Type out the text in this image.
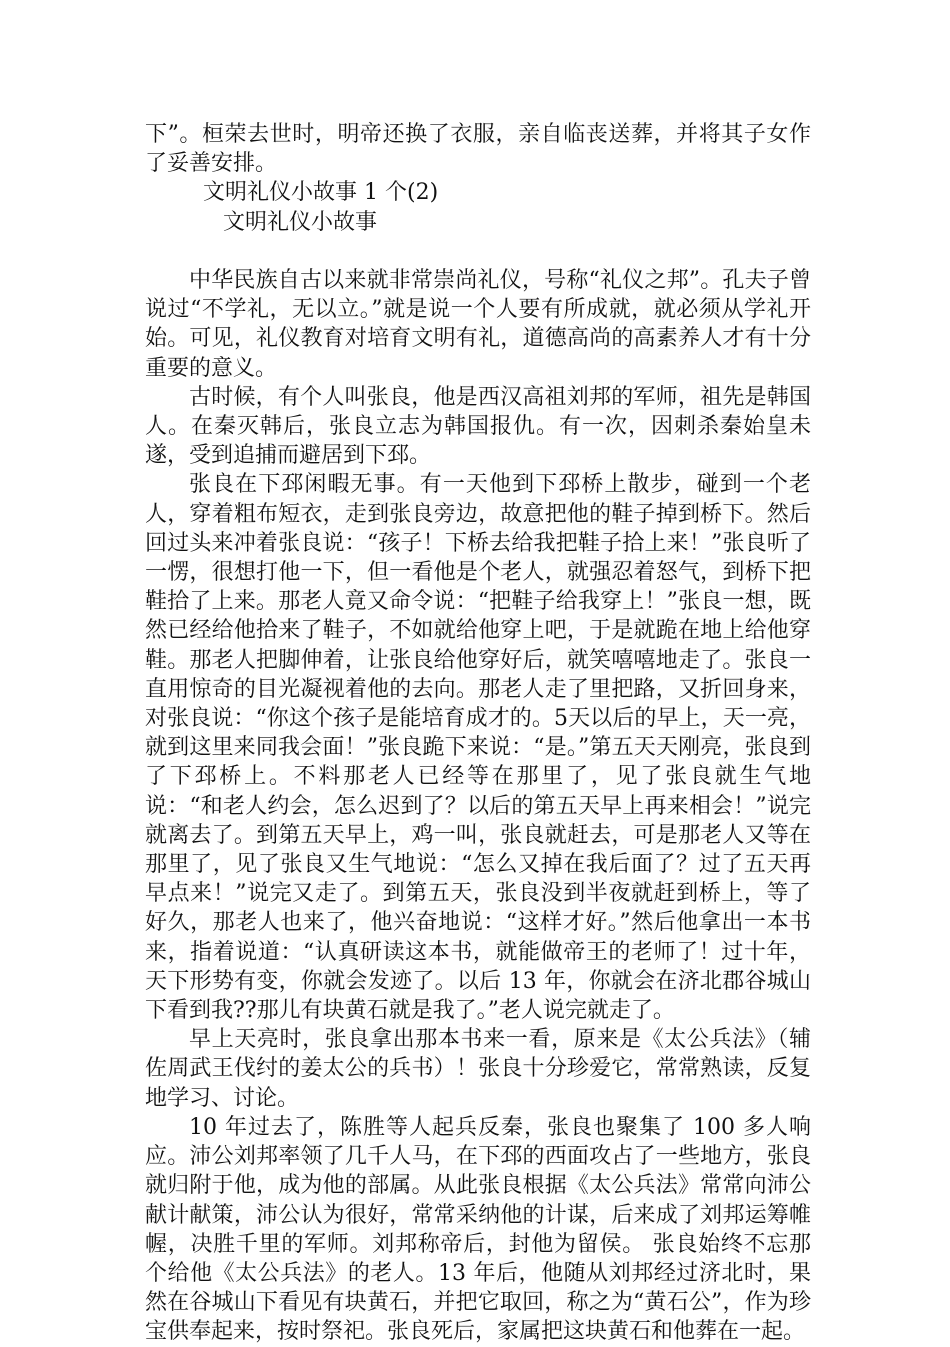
下”。桓荣去世时，明帝还换了衣服，亲自临丧送葬，并将其子女作了妥善安排。

文明礼仪小故事 1 个(2)

文明礼仪小故事

中华民族自古以来就非常崇尚礼仪，号称“礼仪之邦”。孔夫子曾说过“不学礼，无以立。”就是说一个人要有所成就，就必须从学礼开始。可见，礼仪教育对培育文明有礼，道德高尚的高素养人才有十分重要的意义。

古时候，有个人叫张良，他是西汉高祖刘邦的军师，祖先是韩国人。在秦灭韩后，张良立志为韩国报仇。有一次，因刺杀秦始皇未遂，受到追捕而避居到下邳。

张良在下邳闲暇无事。有一天他到下邳桥上散步，碰到一个老人，穿着粗布短衣，走到张良旁边，故意把他的鞋子掉到桥下。然后回过头来冲着张良说：“孩子！下桥去给我把鞋子拾上来！”张良听了一愣，很想打他一下，但一看他是个老人，就强忍着怒气，到桥下把鞋拾了上来。那老人竟又命令说：“把鞋子给我穿上！”张良一想，既然已经给他拾来了鞋子，不如就给他穿上吧，于是就跪在地上给他穿鞋。那老人把脚伸着，让张良给他穿好后，就笑嘻嘻地走了。张良一直用惊奇的目光凝视着他的去向。那老人走了里把路，又折回身来，对张良说：“你这个孩子是能培育成才的。5天以后的早上，天一亮，就到这里来同我会面！”张良跪下来说：“是。”第五天天刚亮，张良到了下邳桥上。不料那老人已经等在那里了，见了张良就生气地说：“和老人约会，怎么迟到了？以后的第五天早上再来相会！”说完就离去了。到第五天早上，鸡一叫，张良就赶去，可是那老人又等在那里了，见了张良又生气地说：“怎么又掉在我后面了？过了五天再早点来！”说完又走了。到第五天，张良没到半夜就赶到桥上，等了好久，那老人也来了，他兴奋地说：“这样才好。”然后他拿出一本书来，指着说道：“认真研读这本书，就能做帝王的老师了！过十年，天下形势有变，你就会发迹了。以后 13 年，你就会在济北郡谷城山下看到我??那儿有块黄石就是我了。”老人说完就走了。

早上天亮时，张良拿出那本书来一看，原来是《太公兵法》（辅佐周武王伐纣的姜太公的兵书）！张良十分珍爱它，常常熟读，反复地学习、讨论。

10 年过去了，陈胜等人起兵反秦，张良也聚集了 100 多人响应。沛公刘邦率领了几千人马，在下邳的西面攻占了一些地方，张良就归附于他，成为他的部属。从此张良根据《太公兵法》常常向沛公献计献策，沛公认为很好，常常采纳他的计谋，后来成了刘邦运筹帷幄，决胜千里的军师。刘邦称帝后，封他为留侯。 张良始终不忘那个给他《太公兵法》的老人。13 年后，他随从刘邦经过济北时，果然在谷城山下看见有块黄石，并把它取回，称之为“黄石公”，作为珍宝供奉起来，按时祭祀。张良死后，家属把这块黄石和他葬在一起。
